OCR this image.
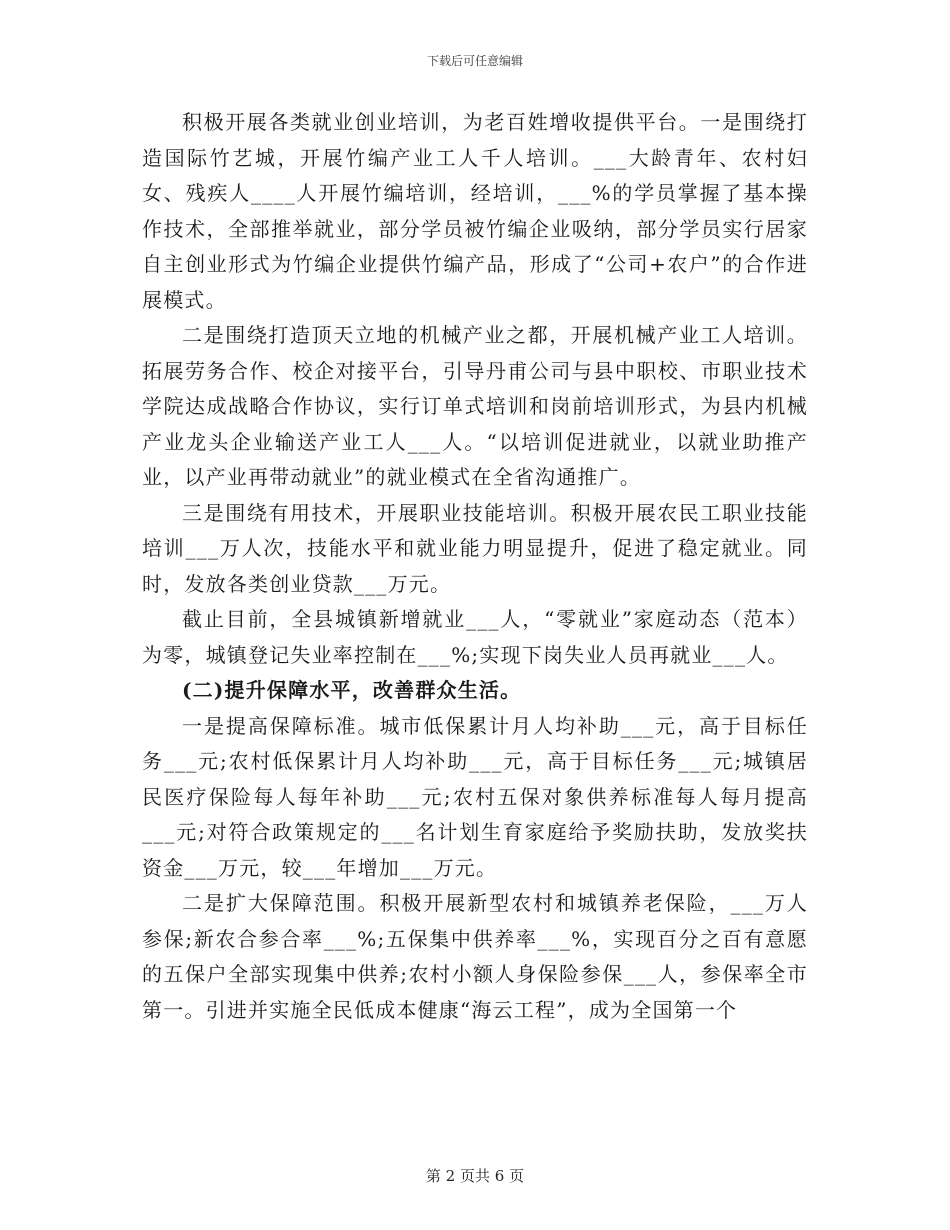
下载后可任意编辑

积极开展各类就业创业培训，为老百姓增收提供平台。一是围绕打造国际竹艺城，开展竹编产业工人千人培训。___大龄青年、农村妇女、残疾人____人开展竹编培训，经培训，___%的学员掌握了基本操作技术，全部推举就业，部分学员被竹编企业吸纳，部分学员实行居家自主创业形式为竹编企业提供竹编产品，形成了“公司+农户”的合作进展模式。

二是围绕打造顶天立地的机械产业之都，开展机械产业工人培训。拓展劳务合作、校企对接平台，引导丹甫公司与县中职校、市职业技术学院达成战略合作协议，实行订单式培训和岗前培训形式，为县内机械产业龙头企业输送产业工人___人。“以培训促进就业，以就业助推产业，以产业再带动就业”的就业模式在全省沟通推广。

三是围绕有用技术，开展职业技能培训。积极开展农民工职业技能培训___万人次，技能水平和就业能力明显提升，促进了稳定就业。同时，发放各类创业贷款___万元。

截止目前，全县城镇新增就业___人，“零就业”家庭动态（范本）为零，城镇登记失业率控制在___%;实现下岗失业人员再就业___人。

(二)提升保障水平，改善群众生活。

一是提高保障标准。城市低保累计月人均补助___元，高于目标任务___元;农村低保累计月人均补助___元，高于目标任务___元;城镇居民医疗保险每人每年补助___元;农村五保对象供养标准每人每月提高___元;对符合政策规定的___名计划生育家庭给予奖励扶助，发放奖扶资金___万元，较___年增加___万元。

二是扩大保障范围。积极开展新型农村和城镇养老保险，___万人参保;新农合参合率___%;五保集中供养率___%，实现百分之百有意愿的五保户全部实现集中供养;农村小额人身保险参保___人，参保率全市第一。引进并实施全民低成本健康“海云工程”，成为全国第一个

第 2 页共 6 页
